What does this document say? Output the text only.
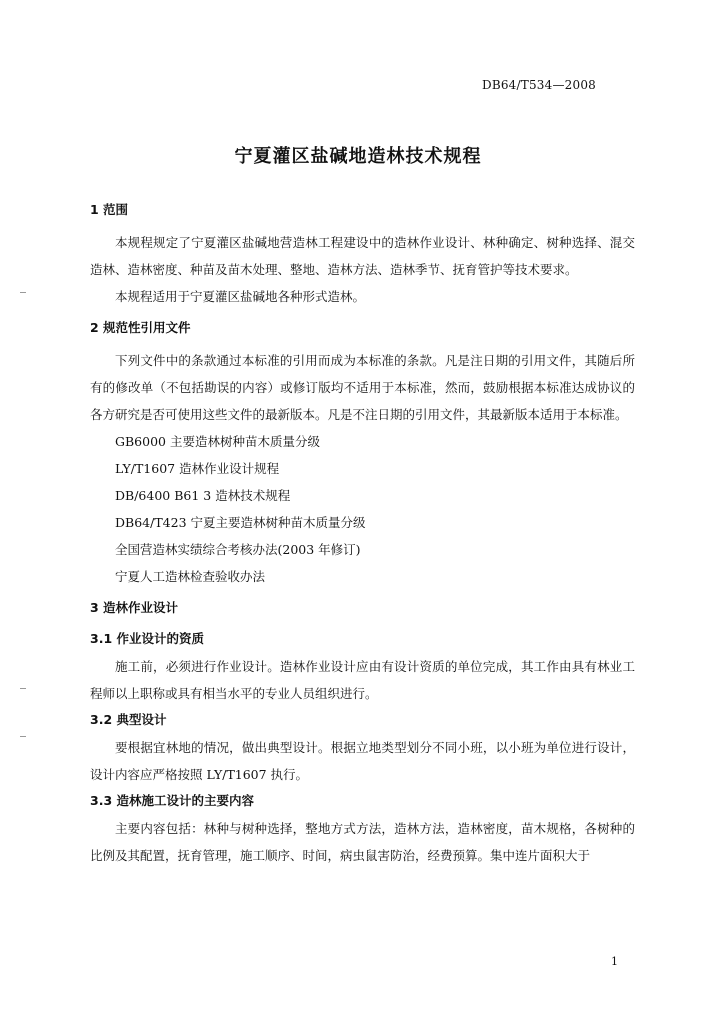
DB64/T534—2008
宁夏灌区盐碱地造林技术规程

1 范围

本规程规定了宁夏灌区盐碱地营造林工程建设中的造林作业设计、林种确定、树种选择、混交造林、造林密度、种苗及苗木处理、整地、造林方法、造林季节、抚育管护等技术要求。

本规程适用于宁夏灌区盐碱地各种形式造林。

2 规范性引用文件

下列文件中的条款通过本标准的引用而成为本标准的条款。凡是注日期的引用文件，其随后所有的修改单（不包括勘误的内容）或修订版均不适用于本标准，然而，鼓励根据本标准达成协议的各方研究是否可使用这些文件的最新版本。凡是不注日期的引用文件，其最新版本适用于本标准。

GB6000 主要造林树种苗木质量分级

LY/T1607 造林作业设计规程

DB/6400 B61 3 造林技术规程

DB64/T423 宁夏主要造林树种苗木质量分级

全国营造林实绩综合考核办法(2003 年修订)

宁夏人工造林检查验收办法

3 造林作业设计

3.1 作业设计的资质

施工前，必须进行作业设计。造林作业设计应由有设计资质的单位完成，其工作由具有林业工程师以上职称或具有相当水平的专业人员组织进行。

3.2 典型设计

要根据宜林地的情况，做出典型设计。根据立地类型划分不同小班，以小班为单位进行设计，设计内容应严格按照 LY/T1607 执行。

3.3 造林施工设计的主要内容

主要内容包括：林种与树种选择，整地方式方法，造林方法，造林密度，苗木规格，各树种的比例及其配置，抚育管理，施工顺序、时间，病虫鼠害防治，经费预算。集中连片面积大于

1
